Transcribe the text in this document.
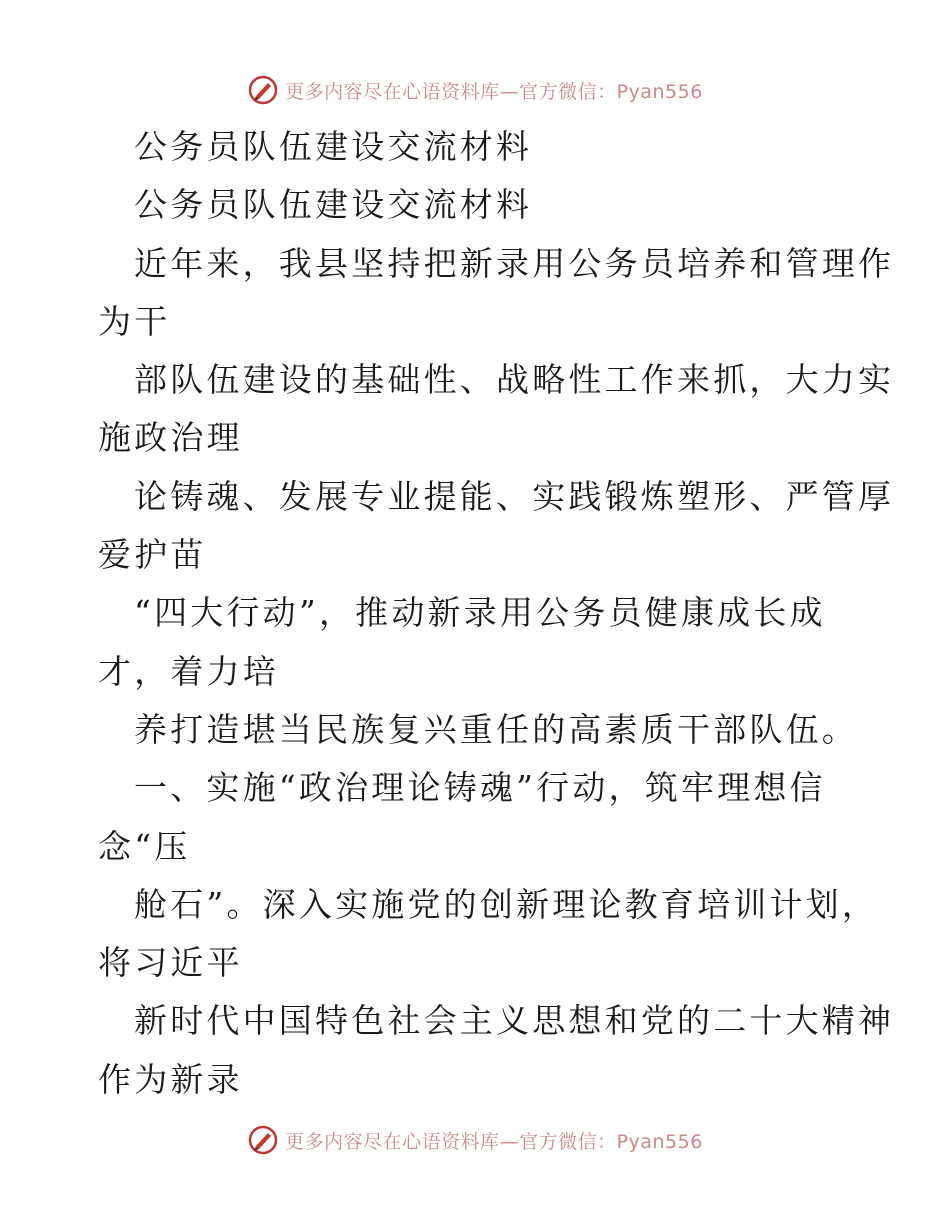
更多内容尽在心语资料库—官方微信：Pyan556
公务员队伍建设交流材料
公务员队伍建设交流材料
近年来，我县坚持把新录用公务员培养和管理作
为干
部队伍建设的基础性、战略性工作来抓，大力实
施政治理
论铸魂、发展专业提能、实践锻炼塑形、严管厚
爱护苗
“四大行动”，推动新录用公务员健康成长成
才，着力培
养打造堪当民族复兴重任的高素质干部队伍。
一、实施“政治理论铸魂”行动，筑牢理想信
念“压
舱石”。深入实施党的创新理论教育培训计划，
将习近平
新时代中国特色社会主义思想和党的二十大精神
作为新录
更多内容尽在心语资料库—官方微信：Pyan556
